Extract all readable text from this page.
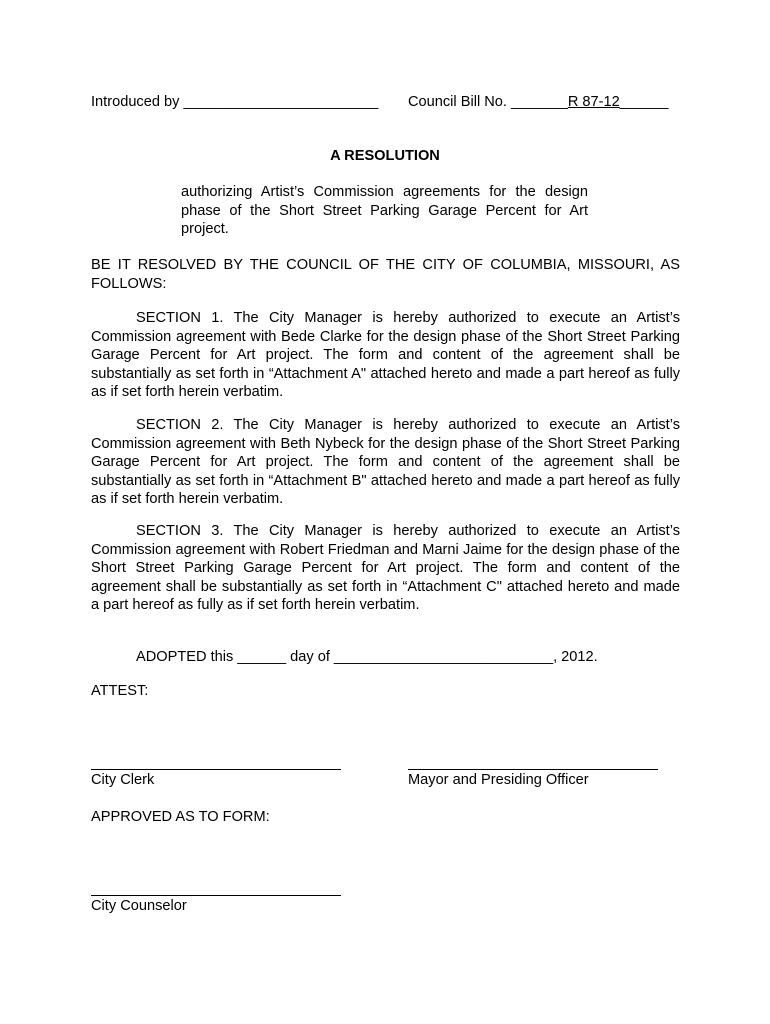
Introduced by ________________________ Council Bill No. _______R 87-12______
A RESOLUTION
authorizing Artist’s Commission agreements for the design phase of the Short Street Parking Garage Percent for Art project.
BE IT RESOLVED BY THE COUNCIL OF THE CITY OF COLUMBIA, MISSOURI, AS FOLLOWS:
SECTION 1. The City Manager is hereby authorized to execute an Artist’s Commission agreement with Bede Clarke for the design phase of the Short Street Parking Garage Percent for Art project. The form and content of the agreement shall be substantially as set forth in “Attachment A" attached hereto and made a part hereof as fully as if set forth herein verbatim.
SECTION 2. The City Manager is hereby authorized to execute an Artist’s Commission agreement with Beth Nybeck for the design phase of the Short Street Parking Garage Percent for Art project. The form and content of the agreement shall be substantially as set forth in “Attachment B" attached hereto and made a part hereof as fully as if set forth herein verbatim.
SECTION 3. The City Manager is hereby authorized to execute an Artist’s Commission agreement with Robert Friedman and Marni Jaime for the design phase of the Short Street Parking Garage Percent for Art project. The form and content of the agreement shall be substantially as set forth in “Attachment C" attached hereto and made a part hereof as fully as if set forth herein verbatim.
ADOPTED this ______ day of ___________________________, 2012.
ATTEST:
City Clerk	Mayor and Presiding Officer
APPROVED AS TO FORM:
City Counselor
